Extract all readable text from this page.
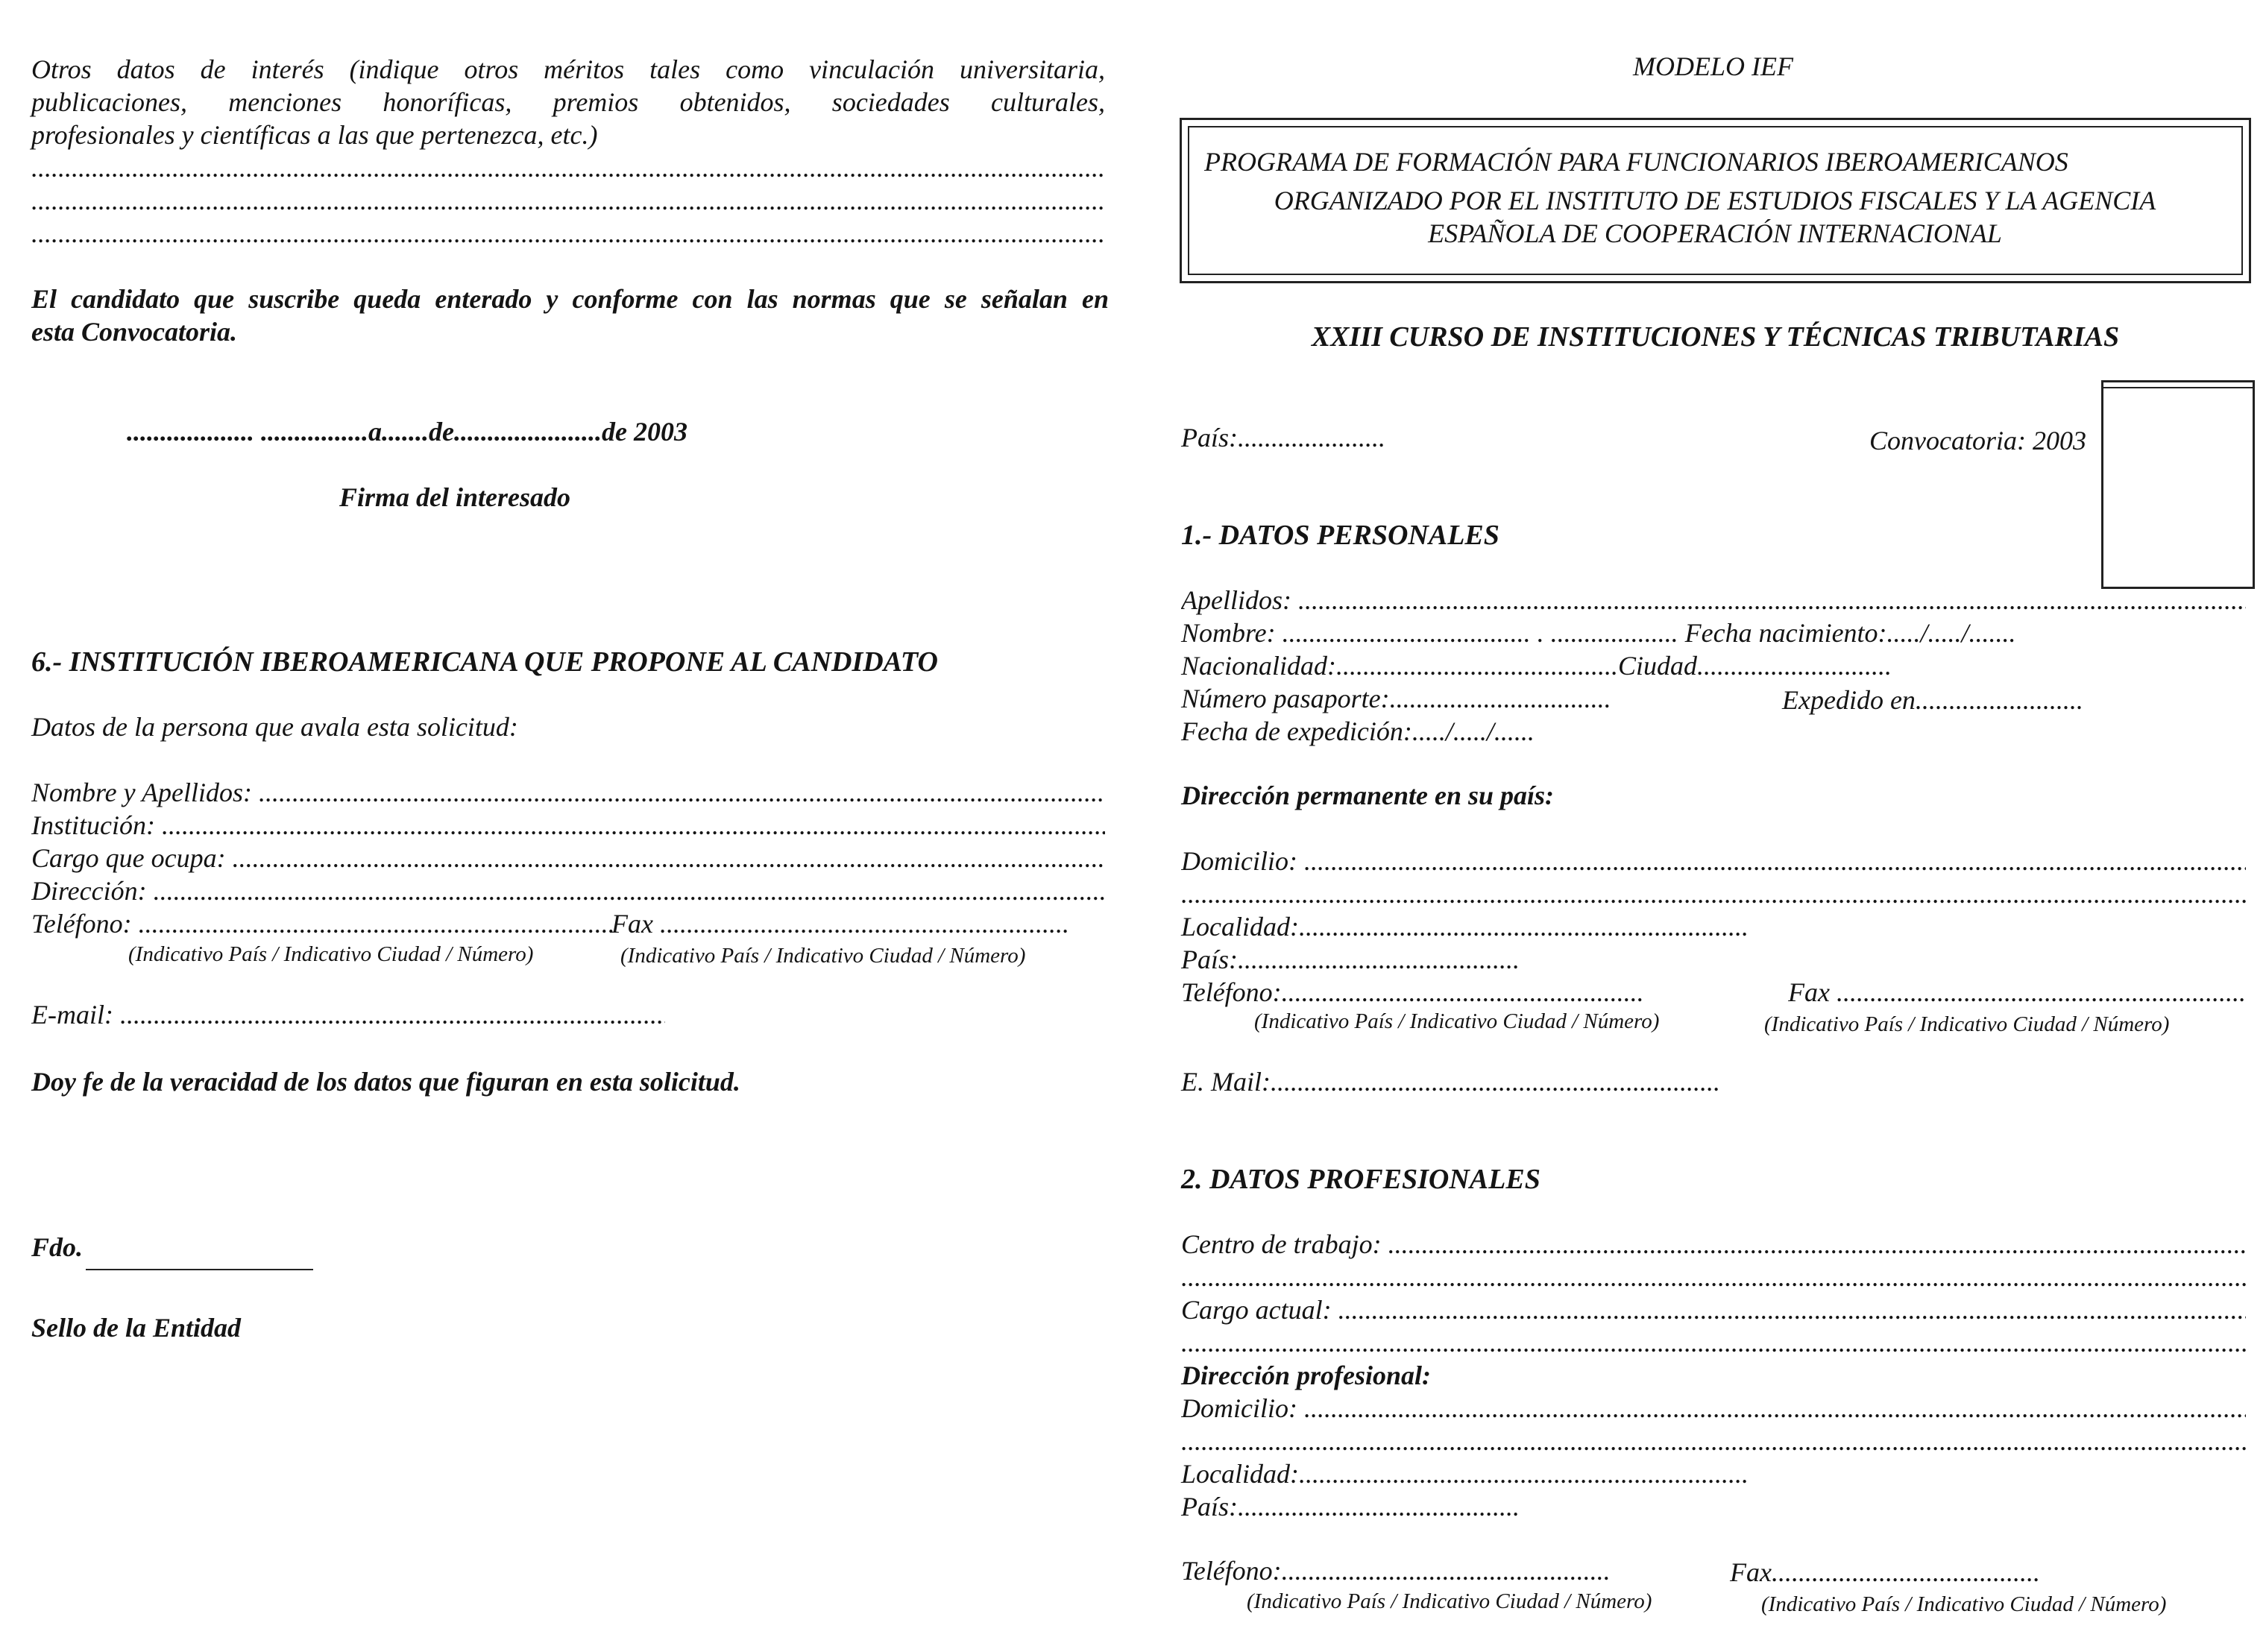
Otros datos de interés (indique otros méritos tales como vinculación universitaria,
publicaciones, menciones honoríficas, premios obtenidos, sociedades culturales,
profesionales y científicas a las que pertenezca, etc.)
.....
.....
.....
El candidato que suscribe queda enterado y conforme con las normas que se señalan en
esta Convocatoria.
................... ................a.......de......................de 2003
Firma del interesado
6.- INSTITUCIÓN IBEROAMERICANA QUE PROPONE AL CANDIDATO
Datos de la persona que avala esta solicitud:
Nombre y Apellidos: .....
Institución: .....
Cargo que ocupa: .....
Dirección: .....
Teléfono: .....	Fax .....
(Indicativo País / Indicativo Ciudad / Número)	(Indicativo País / Indicativo Ciudad / Número)
E-mail: .....
Doy fe de la veracidad de los datos que figuran en esta solicitud.
Fdo.
Sello de la Entidad
MODELO IEF
PROGRAMA DE FORMACIÓN PARA FUNCIONARIOS IBEROAMERICANOS
ORGANIZADO POR EL INSTITUTO DE ESTUDIOS FISCALES Y LA AGENCIA
ESPAÑOLA DE COOPERACIÓN INTERNACIONAL
XXIII CURSO DE INSTITUCIONES Y TÉCNICAS TRIBUTARIAS
País:......................	Convocatoria: 2003
1.- DATOS PERSONALES
Apellidos: .....
Nombre: ..................................... . ................... Fecha nacimiento:...../...../.......
Nacionalidad:..........................................Ciudad.............................
Número pasaporte:.................................	Expedido en.........................
Fecha de expedición:...../...../......
Dirección permanente en su país:
Domicilio: .....
.....
Localidad:...................................................................
País:..........................................
Teléfono:......................................................	Fax .....
(Indicativo País / Indicativo Ciudad / Número)	(Indicativo País / Indicativo Ciudad / Número)
E. Mail:...................................................................
2. DATOS PROFESIONALES
Centro de trabajo: .....
.....
Cargo actual: .....
.....
Dirección profesional:
Domicilio: .....
.....
Localidad:...................................................................
País:..........................................
Teléfono:.................................................	Fax........................................
(Indicativo País / Indicativo Ciudad / Número)	(Indicativo País / Indicativo Ciudad / Número)
